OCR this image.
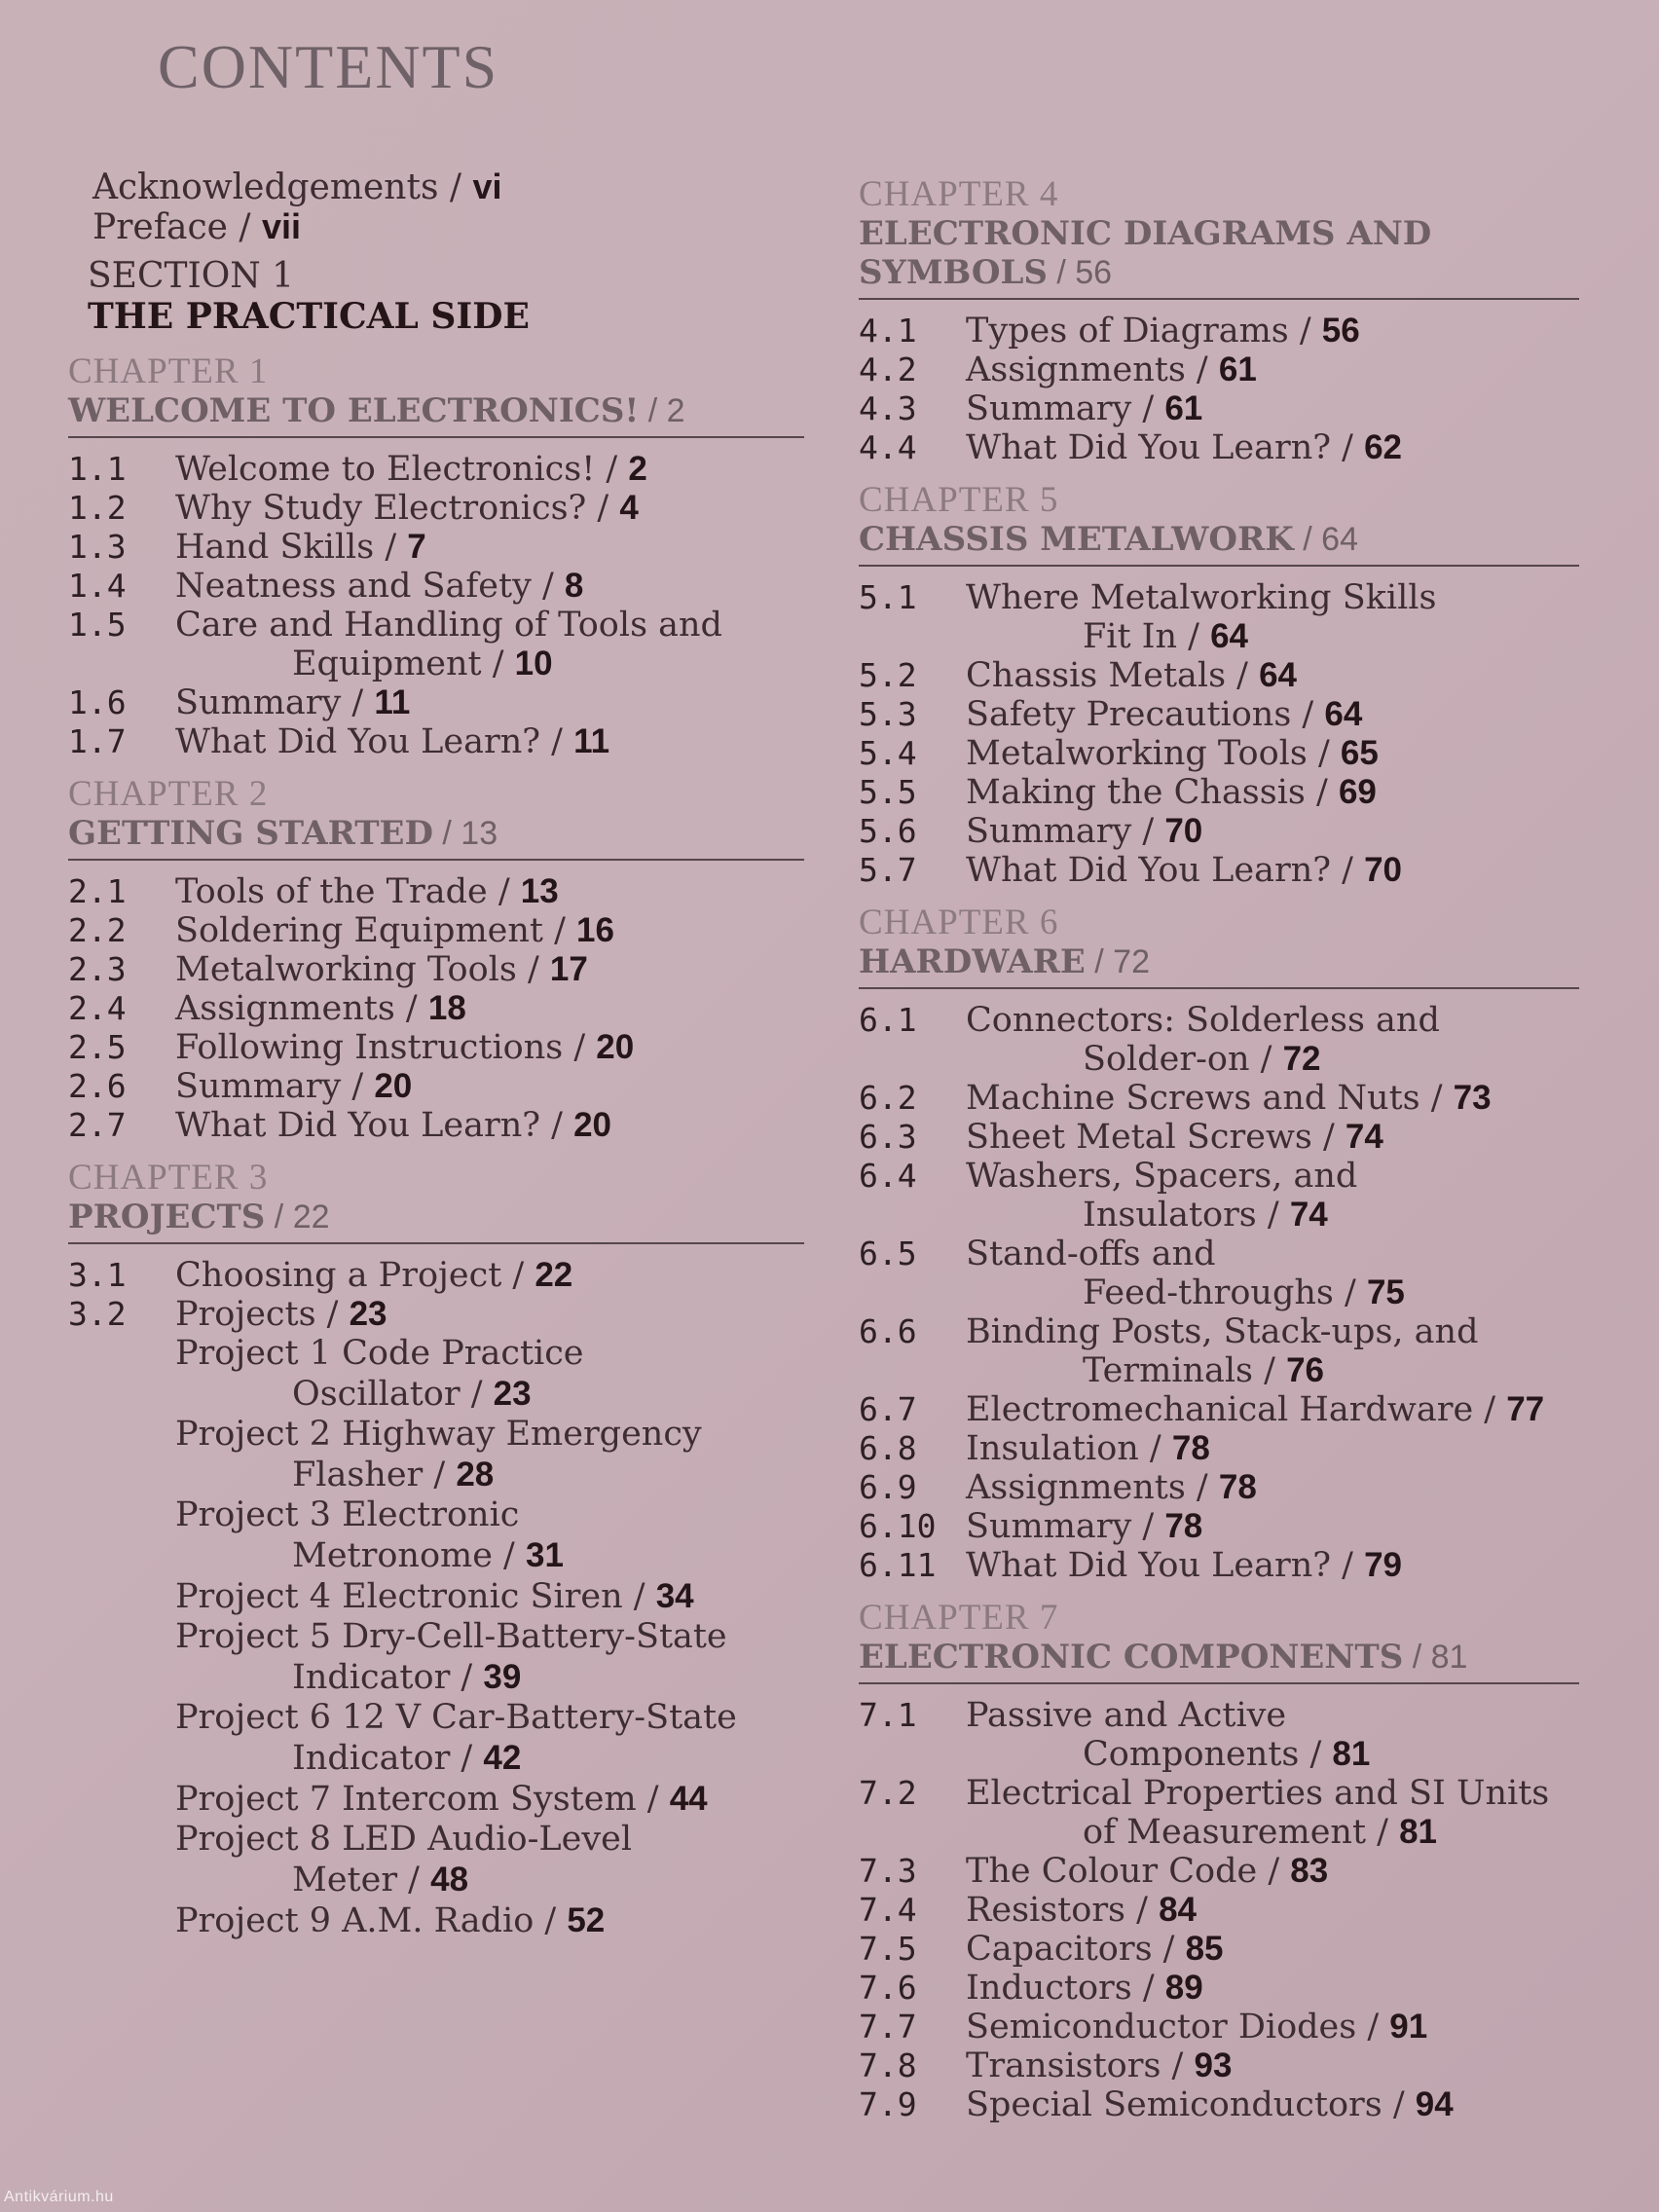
CONTENTS
Acknowledgements / vi
Preface / vii
SECTION 1
THE PRACTICAL SIDE
CHAPTER 1
WELCOME TO ELECTRONICS! / 2
1.1	Welcome to Electronics! / 2
1.2	Why Study Electronics? / 4
1.3	Hand Skills / 7
1.4	Neatness and Safety / 8
1.5	Care and Handling of Tools and
Equipment / 10
1.6	Summary / 11
1.7	What Did You Learn? / 11
CHAPTER 2
GETTING STARTED / 13
2.1	Tools of the Trade / 13
2.2	Soldering Equipment / 16
2.3	Metalworking Tools / 17
2.4	Assignments / 18
2.5	Following Instructions / 20
2.6	Summary / 20
2.7	What Did You Learn? / 20
CHAPTER 3
PROJECTS / 22
3.1	Choosing a Project / 22
3.2	Projects / 23
Project 1 Code Practice
Oscillator / 23
Project 2 Highway Emergency
Flasher / 28
Project 3 Electronic
Metronome / 31
Project 4 Electronic Siren / 34
Project 5 Dry-Cell-Battery-State
Indicator / 39
Project 6 12 V Car-Battery-State
Indicator / 42
Project 7 Intercom System / 44
Project 8 LED Audio-Level
Meter / 48
Project 9 A.M. Radio / 52
CHAPTER 4
ELECTRONIC DIAGRAMS AND
SYMBOLS / 56
4.1	Types of Diagrams / 56
4.2	Assignments / 61
4.3	Summary / 61
4.4	What Did You Learn? / 62
CHAPTER 5
CHASSIS METALWORK / 64
5.1	Where Metalworking Skills
Fit In / 64
5.2	Chassis Metals / 64
5.3	Safety Precautions / 64
5.4	Metalworking Tools / 65
5.5	Making the Chassis / 69
5.6	Summary / 70
5.7	What Did You Learn? / 70
CHAPTER 6
HARDWARE / 72
6.1	Connectors: Solderless and
Solder-on / 72
6.2	Machine Screws and Nuts / 73
6.3	Sheet Metal Screws / 74
6.4	Washers, Spacers, and
Insulators / 74
6.5	Stand-offs and
Feed-throughs / 75
6.6	Binding Posts, Stack-ups, and
Terminals / 76
6.7	Electromechanical Hardware / 77
6.8	Insulation / 78
6.9	Assignments / 78
6.10 Summary / 78
6.11 What Did You Learn? / 79
CHAPTER 7
ELECTRONIC COMPONENTS / 81
7.1	Passive and Active
Components / 81
7.2	Electrical Properties and SI Units
of Measurement / 81
7.3	The Colour Code / 83
7.4	Resistors / 84
7.5	Capacitors / 85
7.6	Inductors / 89
7.7	Semiconductor Diodes / 91
7.8	Transistors / 93
7.9	Special Semiconductors / 94
Antikvárium.hu
